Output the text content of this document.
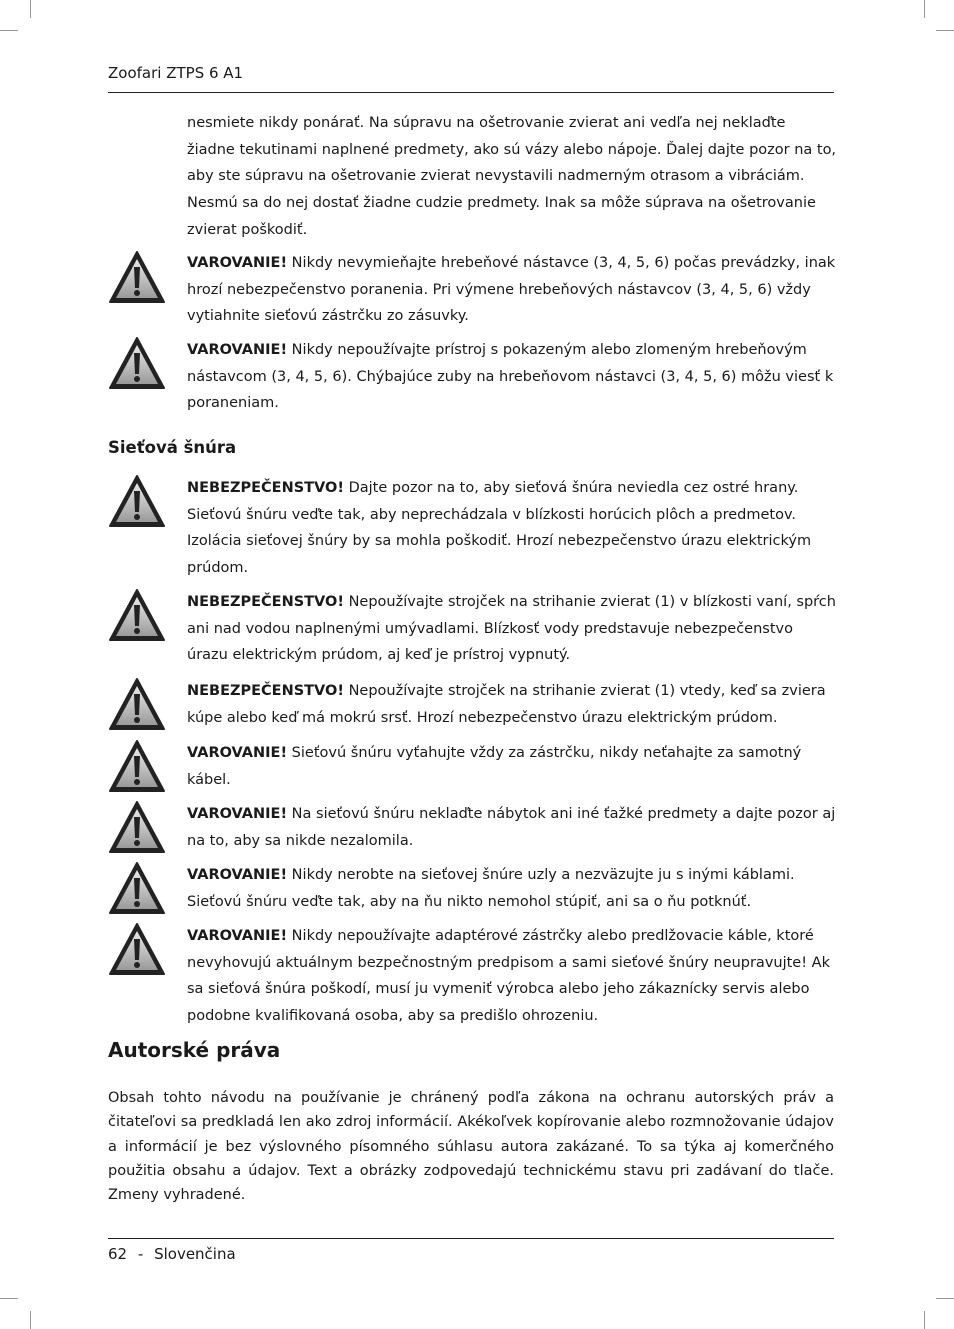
Zoofari ZTPS 6 A1

nesmiete nikdy ponárať. Na súpravu na ošetrovanie zvierat ani vedľa nej neklaďte žiadne tekutinami naplnené predmety, ako sú vázy alebo nápoje. Ďalej dajte pozor na to, aby ste súpravu na ošetrovanie zvierat nevystavili nadmerným otrasom a vibráciám. Nesmú sa do nej dostať žiadne cudzie predmety. Inak sa môže súprava na ošetrovanie zvierat poškodiť.

VAROVANIE! Nikdy nevymieňajte hrebeňové nástavce (3, 4, 5, 6) počas prevádzky, inak hrozí nebezpečenstvo poranenia. Pri výmene hrebeňových nástavcov (3, 4, 5, 6) vždy vytiahnite sieťovú zástrčku zo zásuvky.

VAROVANIE! Nikdy nepoužívajte prístroj s pokazeným alebo zlomeným hrebeňovým nástavcom (3, 4, 5, 6). Chýbajúce zuby na hrebeňovom nástavci (3, 4, 5, 6) môžu viesť k poraneniam.

Sieťová šnúra

NEBEZPEČENSTVO! Dajte pozor na to, aby sieťová šnúra neviedla cez ostré hrany. Sieťovú šnúru veďte tak, aby neprechádzala v blízkosti horúcich plôch a predmetov. Izolácia sieťovej šnúry by sa mohla poškodiť. Hrozí nebezpečenstvo úrazu elektrickým prúdom.

NEBEZPEČENSTVO! Nepoužívajte strojček na strihanie zvierat (1) v blízkosti vaní, spŕch ani nad vodou naplnenými umývadlami. Blízkosť vody predstavuje nebezpečenstvo úrazu elektrickým prúdom, aj keď je prístroj vypnutý.

NEBEZPEČENSTVO! Nepoužívajte strojček na strihanie zvierat (1) vtedy, keď sa zviera kúpe alebo keď má mokrú srsť. Hrozí nebezpečenstvo úrazu elektrickým prúdom.

VAROVANIE! Sieťovú šnúru vyťahujte vždy za zástrčku, nikdy neťahajte za samotný kábel.

VAROVANIE! Na sieťovú šnúru neklaďte nábytok ani iné ťažké predmety a dajte pozor aj na to, aby sa nikde nezalomila.

VAROVANIE! Nikdy nerobte na sieťovej šnúre uzly a nezväzujte ju s inými káblami. Sieťovú šnúru veďte tak, aby na ňu nikto nemohol stúpiť, ani sa o ňu potknúť.

VAROVANIE! Nikdy nepoužívajte adaptérové zástrčky alebo predlžovacie káble, ktoré nevyhovujú aktuálnym bezpečnostným predpisom a sami sieťové šnúry neupravujte! Ak sa sieťová šnúra poškodí, musí ju vymeniť výrobca alebo jeho zákaznícky servis alebo podobne kvalifikovaná osoba, aby sa predišlo ohrozeniu.

Autorské práva

Obsah tohto návodu na používanie je chránený podľa zákona na ochranu autorských práv a čitateľovi sa predkladá len ako zdroj informácií. Akékoľvek kopírovanie alebo rozmnožovanie údajov a informácií je bez výslovného písomného súhlasu autora zakázané. To sa týka aj komerčného použitia obsahu a údajov. Text a obrázky zodpovedajú technickému stavu pri zadávaní do tlače. Zmeny vyhradené.

62 - Slovenčina
